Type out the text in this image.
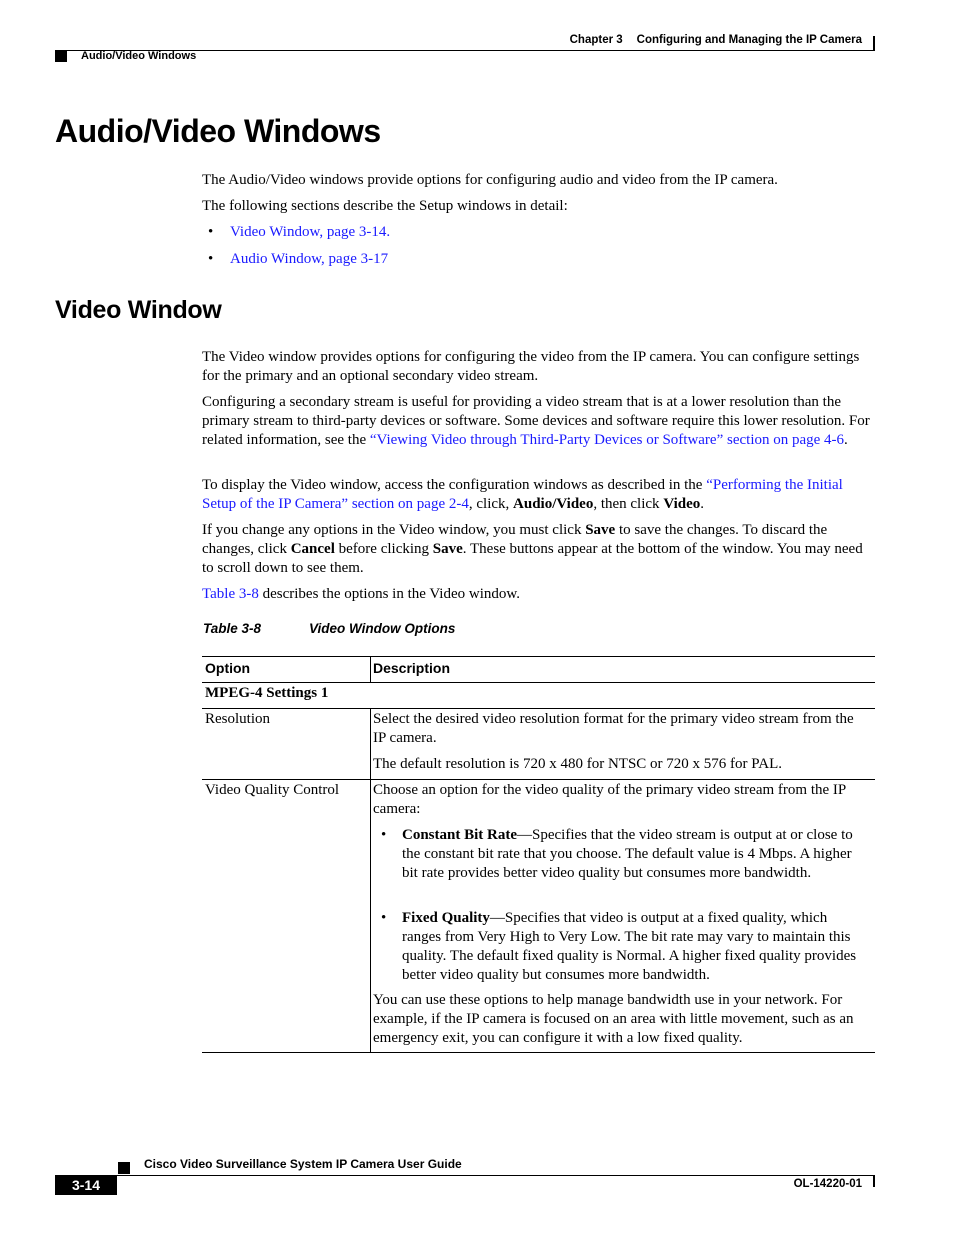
Chapter 3 Configuring and Managing the IP Camera
Audio/Video Windows
Audio/Video Windows

The Audio/Video windows provide options for configuring audio and video from the IP camera.

The following sections describe the Setup windows in detail:

• Video Window, page 3-14.
• Audio Window, page 3-17
Video Window

The Video window provides options for configuring the video from the IP camera. You can configure settings for the primary and an optional secondary video stream.

Configuring a secondary stream is useful for providing a video stream that is at a lower resolution than the primary stream to third-party devices or software. Some devices and software require this lower resolution. For related information, see the “Viewing Video through Third-Party Devices or Software” section on page 4-6.

To display the Video window, access the configuration windows as described in the “Performing the Initial Setup of the IP Camera” section on page 2-4, click, Audio/Video, then click Video.

If you change any options in the Video window, you must click Save to save the changes. To discard the changes, click Cancel before clicking Save. These buttons appear at the bottom of the window. You may need to scroll down to see them.

Table 3-8 describes the options in the Video window.

Table 3-8	Video Window Options
Option	Description
MPEG-4 Settings 1
Resolution	Select the desired video resolution format for the primary video stream from the IP camera.
The default resolution is 720 x 480 for NTSC or 720 x 576 for PAL.
Video Quality Control	Choose an option for the video quality of the primary video stream from the IP camera:
• Constant Bit Rate—Specifies that the video stream is output at or close to the constant bit rate that you choose. The default value is 4 Mbps. A higher bit rate provides better video quality but consumes more bandwidth.
• Fixed Quality—Specifies that video is output at a fixed quality, which ranges from Very High to Very Low. The bit rate may vary to maintain this quality. The default fixed quality is Normal. A higher fixed quality provides better video quality but consumes more bandwidth.
You can use these options to help manage bandwidth use in your network. For example, if the IP camera is focused on an area with little movement, such as an emergency exit, you can configure it with a low fixed quality.
Cisco Video Surveillance System IP Camera User Guide
3-14	OL-14220-01
